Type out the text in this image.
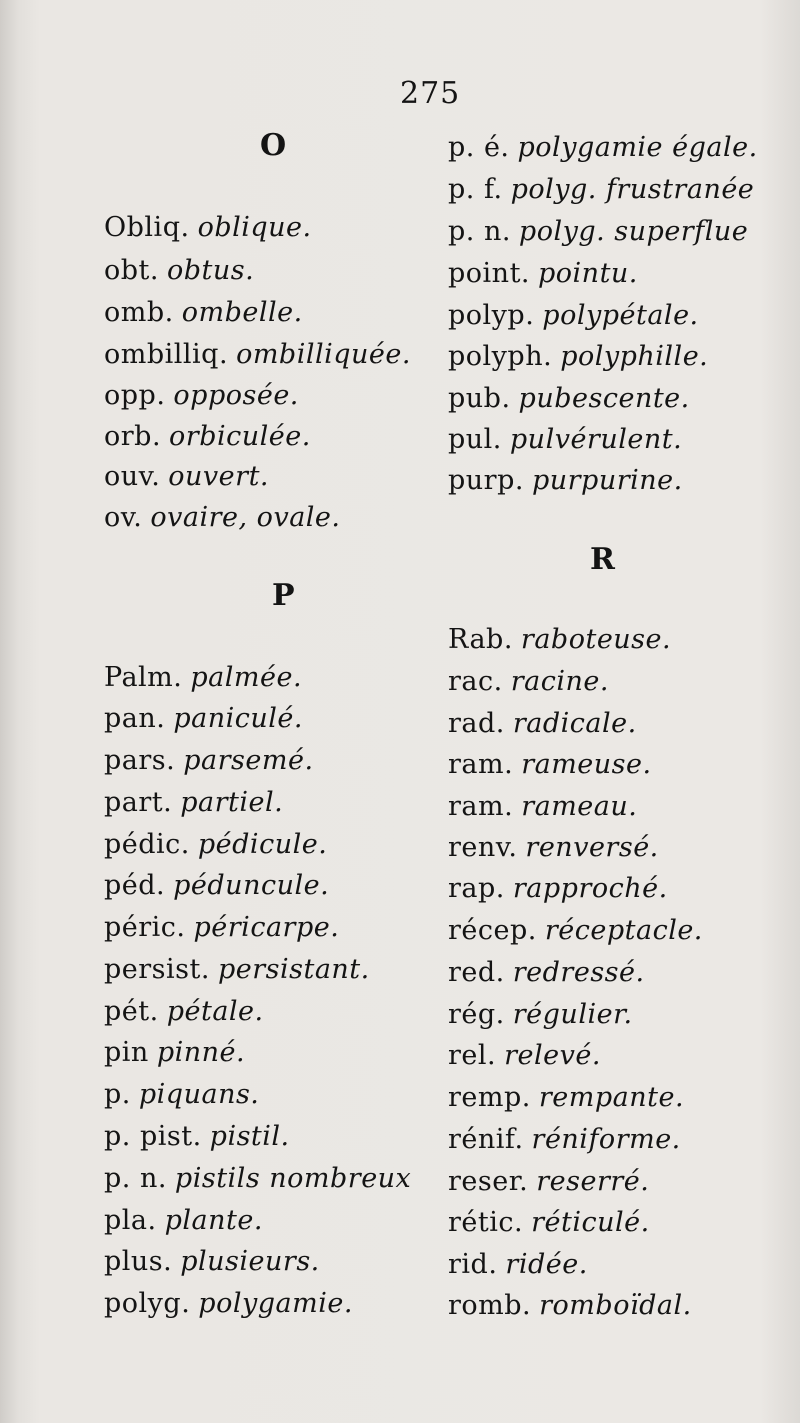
275
O
Obliq. oblique.
obt. obtus.
omb. ombelle.
ombilliq. ombilliquée.
opp. opposée.
orb. orbiculée.
ouv. ouvert.
ov. ovaire, ovale.
P
Palm. palmée.
pan. paniculé.
pars. parsemé.
part. partiel.
pédic. pédicule.
péd. péduncule.
péric. péricarpe.
persist. persistant.
pét. pétale.
pin pinné.
p. piquans.
p. pist. pistil.
p. n. pistils nombreux
pla. plante.
plus. plusieurs.
polyg. polygamie.
p. é. polygamie égale.
p. f. polyg. frustranée
p. n. polyg. superflue
point. pointu.
polyp. polypétale.
polyph. polyphille.
pub. pubescente.
pul. pulvérulent.
purp. purpurine.
R
Rab. raboteuse.
rac. racine.
rad. radicale.
ram. rameuse.
ram. rameau.
renv. renversé.
rap. rapproché.
récep. réceptacle.
red. redressé.
rég. régulier.
rel. relevé.
remp. rempante.
rénif. réniforme.
reser. reserré.
rétic. réticulé.
rid. ridée.
romb. romboïdal.
